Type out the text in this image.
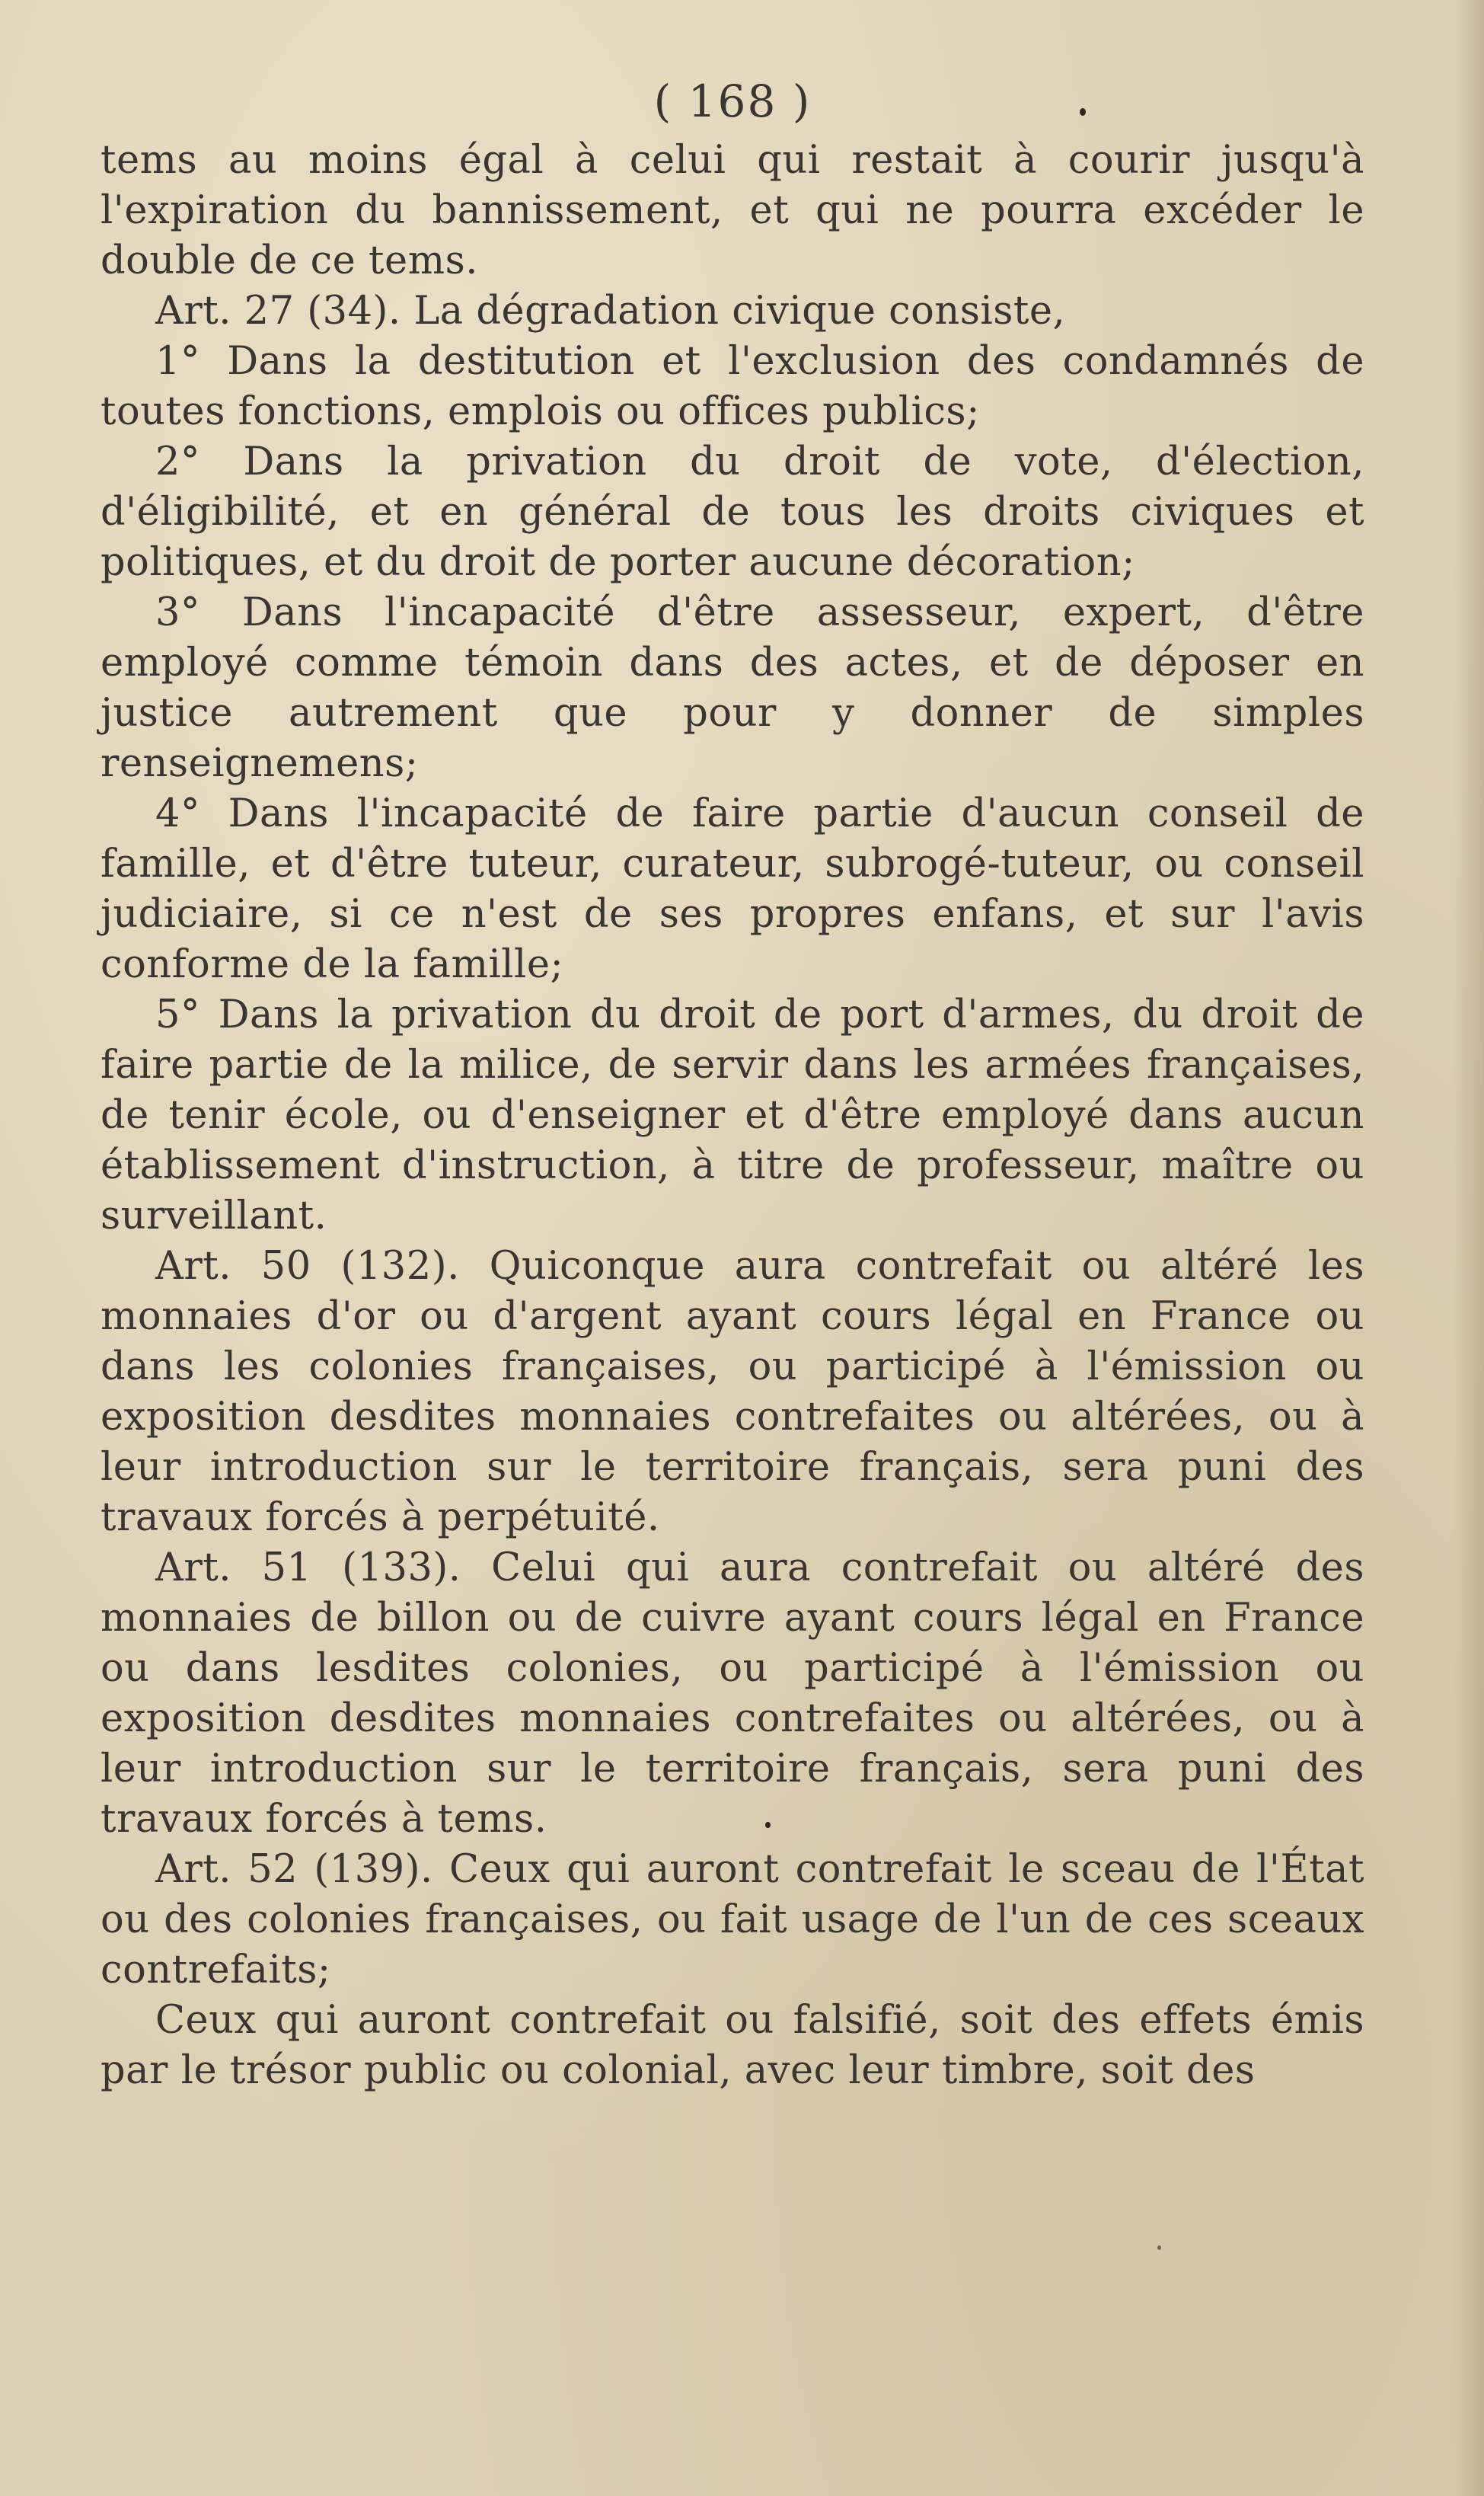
( 168 )

tems au moins égal à celui qui restait à courir jusqu'à l'expiration du bannissement, et qui ne pourra excéder le double de ce tems.

Art. 27 (34). La dégradation civique consiste,

1° Dans la destitution et l'exclusion des condamnés de toutes fonctions, emplois ou offices publics;

2° Dans la privation du droit de vote, d'élection, d'éligibilité, et en général de tous les droits civiques et politiques, et du droit de porter aucune décoration;

3° Dans l'incapacité d'être assesseur, expert, d'être employé comme témoin dans des actes, et de déposer en justice autrement que pour y donner de simples renseignemens;

4° Dans l'incapacité de faire partie d'aucun conseil de famille, et d'être tuteur, curateur, subrogé-tuteur, ou conseil judiciaire, si ce n'est de ses propres enfans, et sur l'avis conforme de la famille;

5° Dans la privation du droit de port d'armes, du droit de faire partie de la milice, de servir dans les armées françaises, de tenir école, ou d'enseigner et d'être employé dans aucun établissement d'instruction, à titre de professeur, maître ou surveillant.

Art. 50 (132). Quiconque aura contrefait ou altéré les monnaies d'or ou d'argent ayant cours légal en France ou dans les colonies françaises, ou participé à l'émission ou exposition desdites monnaies contrefaites ou altérées, ou à leur introduction sur le territoire français, sera puni des travaux forcés à perpétuité.

Art. 51 (133). Celui qui aura contrefait ou altéré des monnaies de billon ou de cuivre ayant cours légal en France ou dans lesdites colonies, ou participé à l'émission ou exposition desdites monnaies contrefaites ou altérées, ou à leur introduction sur le territoire français, sera puni des travaux forcés à tems.

Art. 52 (139). Ceux qui auront contrefait le sceau de l'État ou des colonies françaises, ou fait usage de l'un de ces sceaux contrefaits;

Ceux qui auront contrefait ou falsifié, soit des effets émis par le trésor public ou colonial, avec leur timbre, soit des
